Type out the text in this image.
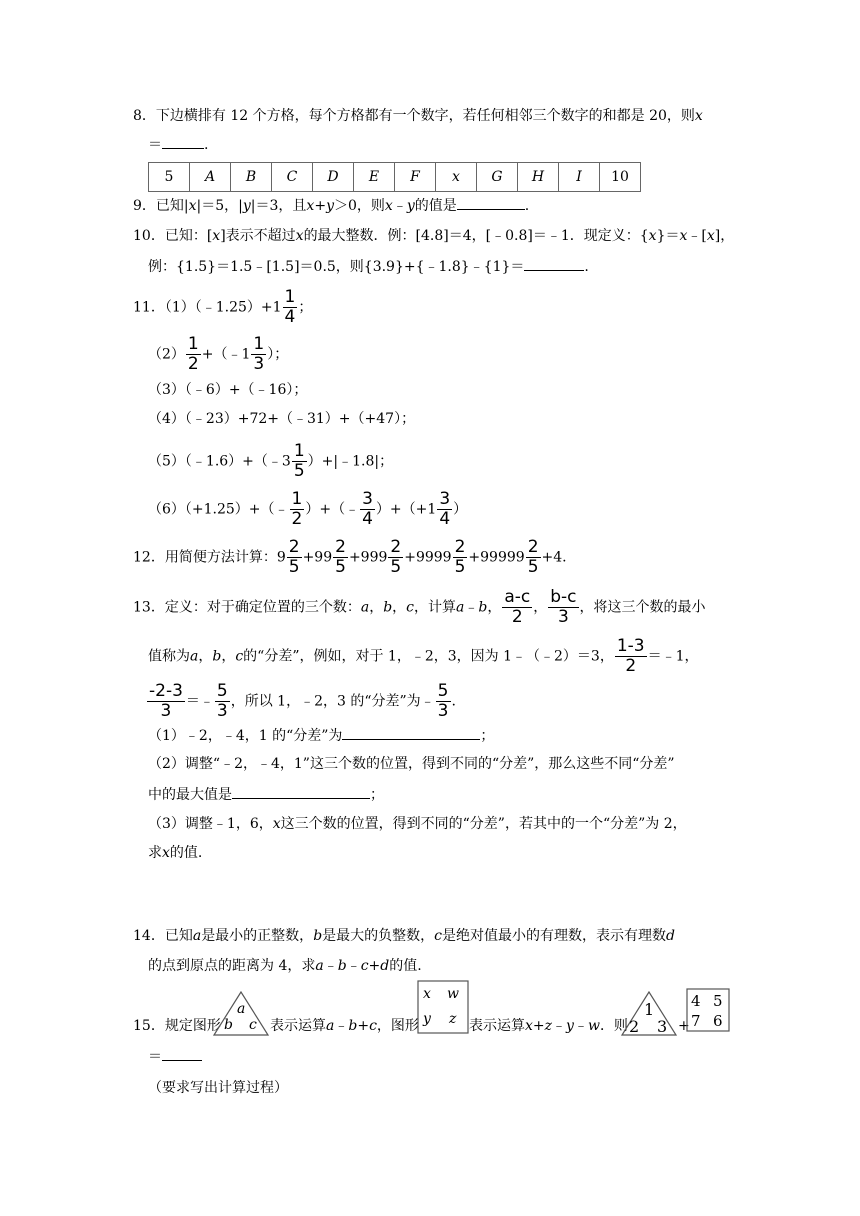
8．下边横排有 12 个方格，每个方格都有一个数字，若任何相邻三个数字的和都是 20，则x
＝	.
5	A	B	C	D	E	F	x	G	H	I	10
9．已知|x|＝5，|y|＝3，且x+y＞0，则x﹣y的值是	.
10．已知：[x]表示不超过x的最大整数．例：[4.8]＝4，[﹣0.8]＝﹣1．现定义：{x}＝x﹣[x]，
例：{1.5}＝1.5﹣[1.5]＝0.5，则{3.9}+{﹣1.8}﹣{1}＝	.
11．（1）（﹣1.25）+1 $\frac{1}{4}$ ；
$(2) \frac{1}{2}$ +（﹣1 $\frac{1}{3}$ ）；
（3）（﹣6）+（﹣16）；
（4）（﹣23）+72+（﹣31）+（+47）；
（5）（﹣1.6）+（﹣3 $\frac{1}{5}$ ）+|﹣1.8|；
（6）（+1.25）+（﹣ $\frac{1}{2}$ ）+（﹣ $\frac{3}{4} )+(+1 \frac{3}{4}$ ）
12．用简便方法计算：$9 \frac{2}{5} +99 \frac{2}{5} +999 \frac{2}{5} +9999 \frac{2}{5} +99999 \frac{2}{5} +4$.
13．定义：对于确定位置的三个数：a，b，c，计算a﹣b， $\frac{a-c}{2}$ ， $\frac{b-c}{3}$ ，将这三个数的最小
值称为a，b，c的“分差”，例如，对于 1，﹣2，3，因为 1﹣（﹣2）＝3， $\frac{1-3}{2}$ ＝﹣1，
$\frac{-2-3}{3}$ ＝﹣ $\frac{5}{3}$ ，所以 1，﹣2，3 的“分差”为﹣ $\frac{5}{3}$ .
（1）﹣2，﹣4，1 的“分差”为	；
（2）调整“﹣2，﹣4，1”这三个数的位置，得到不同的“分差”，那么这些不同“分差”
中的最大值是	；
（3）调整﹣1，6，x这三个数的位置，得到不同的“分差”，若其中的一个“分差”为 2，
求x的值.
14．已知a是最小的正整数，b是最大的负整数，c是绝对值最小的有理数，表示有理数d
的点到原点的距离为 4，求a﹣b﹣c+d的值.
15．规定图形
a
b c 表示运算a﹣b+c，图形
x w
y z 表示运算x+z﹣y﹣w．则
1
2 3 +
4 5
7 6
＝
（要求写出计算过程）
